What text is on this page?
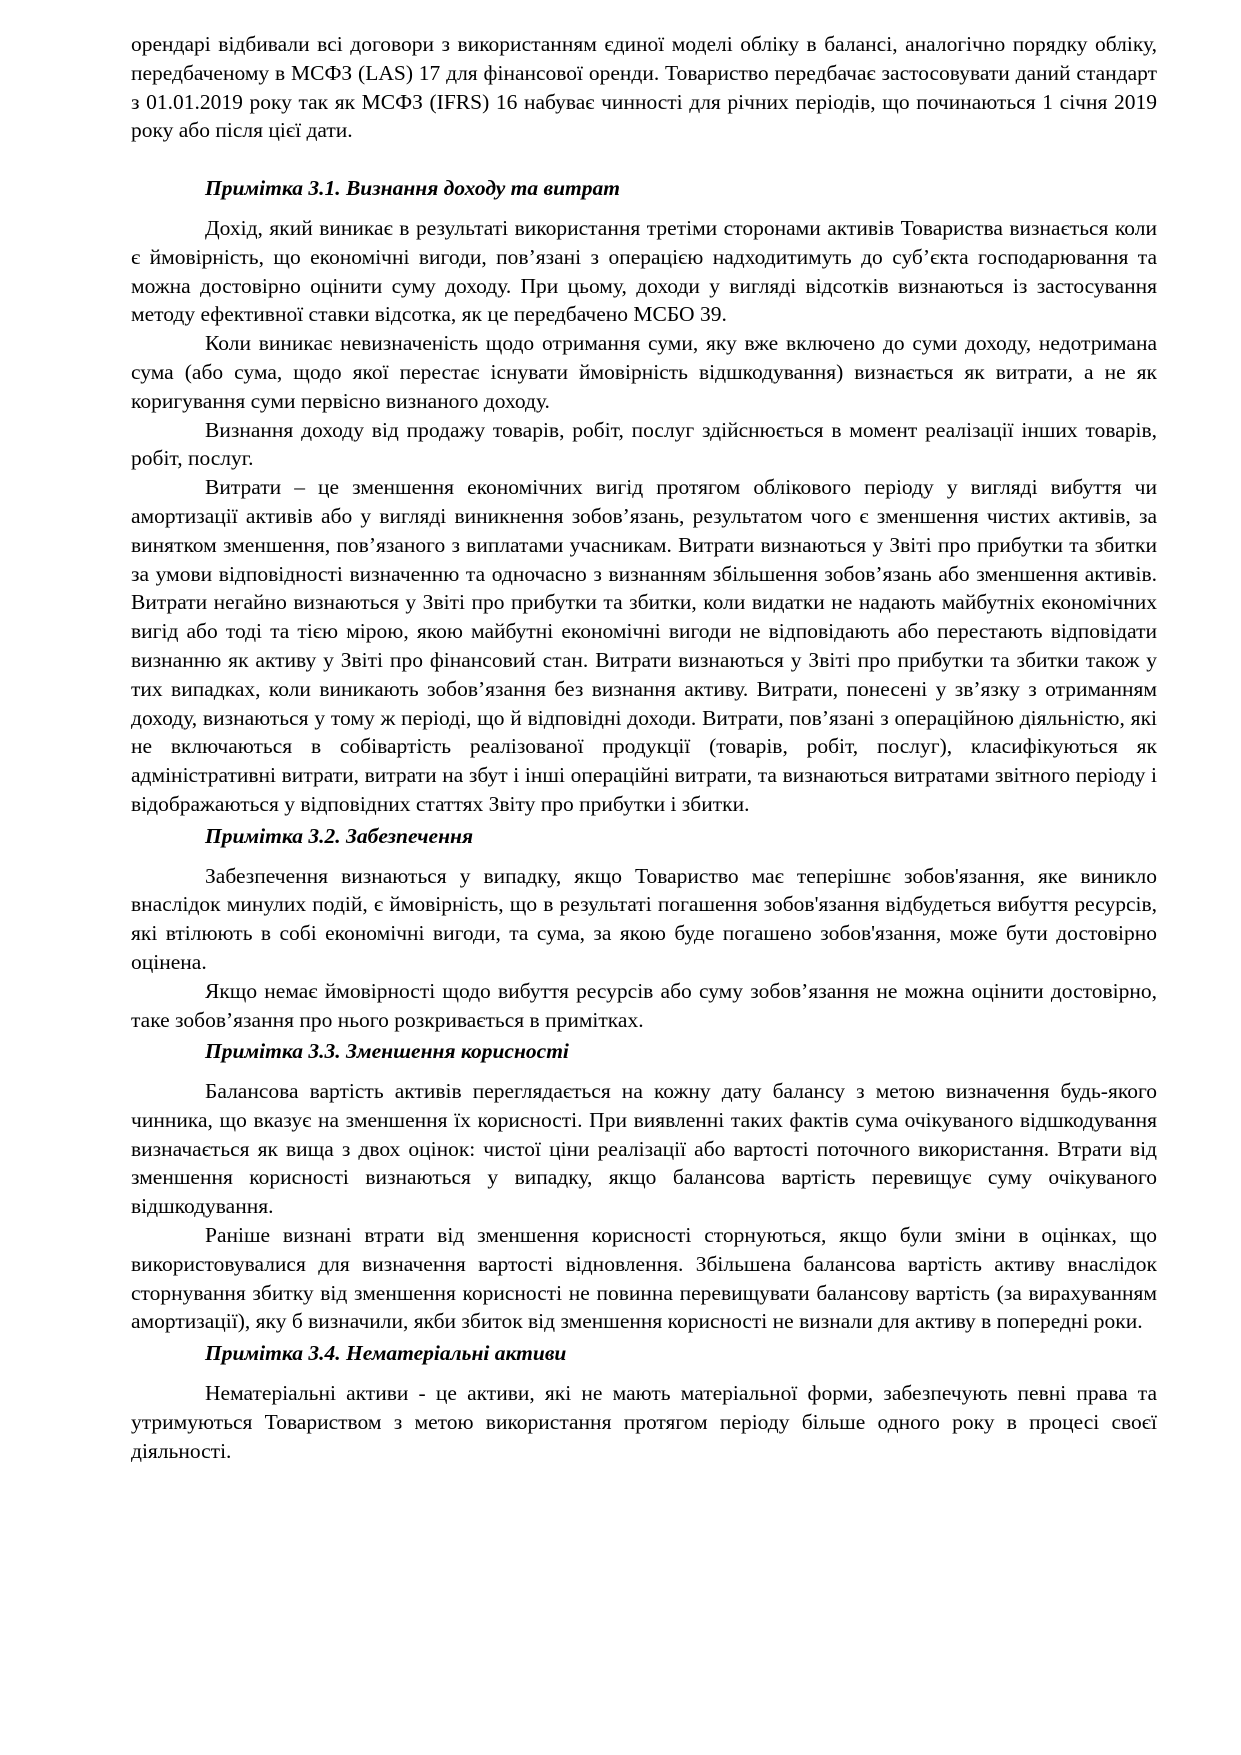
орендарі відбивали всі договори з використанням єдиної моделі обліку в балансі, аналогічно порядку обліку, передбаченому в МСФЗ (LAS) 17 для фінансової оренди. Товариство передбачає застосовувати даний стандарт з 01.01.2019 року так як МСФЗ (IFRS) 16 набуває чинності для річних періодів, що починаються 1 січня 2019 року або після цієї дати.

Примітка 3.1. Визнання доходу та витрат

Дохід, який виникає в результаті використання третіми сторонами активів Товариства визнається коли є ймовірність, що економічні вигоди, пов’язані з операцією надходитимуть до суб’єкта господарювання та можна достовірно оцінити суму доходу. При цьому, доходи у вигляді відсотків визнаються із застосування методу ефективної ставки відсотка, як це передбачено МСБО 39.

Коли виникає невизначеність щодо отримання суми, яку вже включено до суми доходу, недотримана сума (або сума, щодо якої перестає існувати ймовірність відшкодування) визнається як витрати, а не як коригування суми первісно визнаного доходу.

Визнання доходу від продажу товарів, робіт, послуг здійснюється в момент реалізації інших товарів, робіт, послуг.

Витрати – це зменшення економічних вигід протягом облікового періоду у вигляді вибуття чи амортизації активів або у вигляді виникнення зобов’язань, результатом чого є зменшення чистих активів, за винятком зменшення, пов’язаного з виплатами учасникам. Витрати визнаються у Звіті про прибутки та збитки за умови відповідності визначенню та одночасно з визнанням збільшення зобов’язань або зменшення активів. Витрати негайно визнаються у Звіті про прибутки та збитки, коли видатки не надають майбутніх економічних вигід або тоді та тією мірою, якою майбутні економічні вигоди не відповідають або перестають відповідати визнанню як активу у Звіті про фінансовий стан. Витрати визнаються у Звіті про прибутки та збитки також у тих випадках, коли виникають зобов’язання без визнання активу. Витрати, понесені у зв’язку з отриманням доходу, визнаються у тому ж періоді, що й відповідні доходи. Витрати, пов’язані з операційною діяльністю, які не включаються в собівартість реалізованої продукції (товарів, робіт, послуг), класифікуються як адміністративні витрати, витрати на збут і інші операційні витрати, та визнаються витратами звітного періоду і відображаються у відповідних статтях Звіту про прибутки і збитки.

Примітка 3.2. Забезпечення

Забезпечення визнаються у випадку, якщо Товариство має теперішнє зобов'язання, яке виникло внаслідок минулих подій, є ймовірність, що в результаті погашення зобов'язання відбудеться вибуття ресурсів, які втілюють в собі економічні вигоди, та сума, за якою буде погашено зобов'язання, може бути достовірно оцінена.

Якщо немає ймовірності щодо вибуття ресурсів або суму зобов’язання не можна оцінити достовірно, таке зобов’язання про нього розкривається в примітках.

Примітка 3.3. Зменшення корисності

Балансова вартість активів переглядається на кожну дату балансу з метою визначення будь-якого чинника, що вказує на зменшення їх корисності. При виявленні таких фактів сума очікуваного відшкодування визначається як вища з двох оцінок: чистої ціни реалізації або вартості поточного використання. Втрати від зменшення корисності визнаються у випадку, якщо балансова вартість перевищує суму очікуваного відшкодування.

Раніше визнані втрати від зменшення корисності сторнуються, якщо були зміни в оцінках, що використовувалися для визначення вартості відновлення. Збільшена балансова вартість активу внаслідок сторнування збитку від зменшення корисності не повинна перевищувати балансову вартість (за вирахуванням амортизації), яку б визначили, якби збиток від зменшення корисності не визнали для активу в попередні роки.

Примітка 3.4. Нематеріальні активи

Нематеріальні активи - це активи, які не мають матеріальної форми, забезпечують певні права та утримуються Товариством з метою використання протягом періоду більше одного року в процесі своєї діяльності.
